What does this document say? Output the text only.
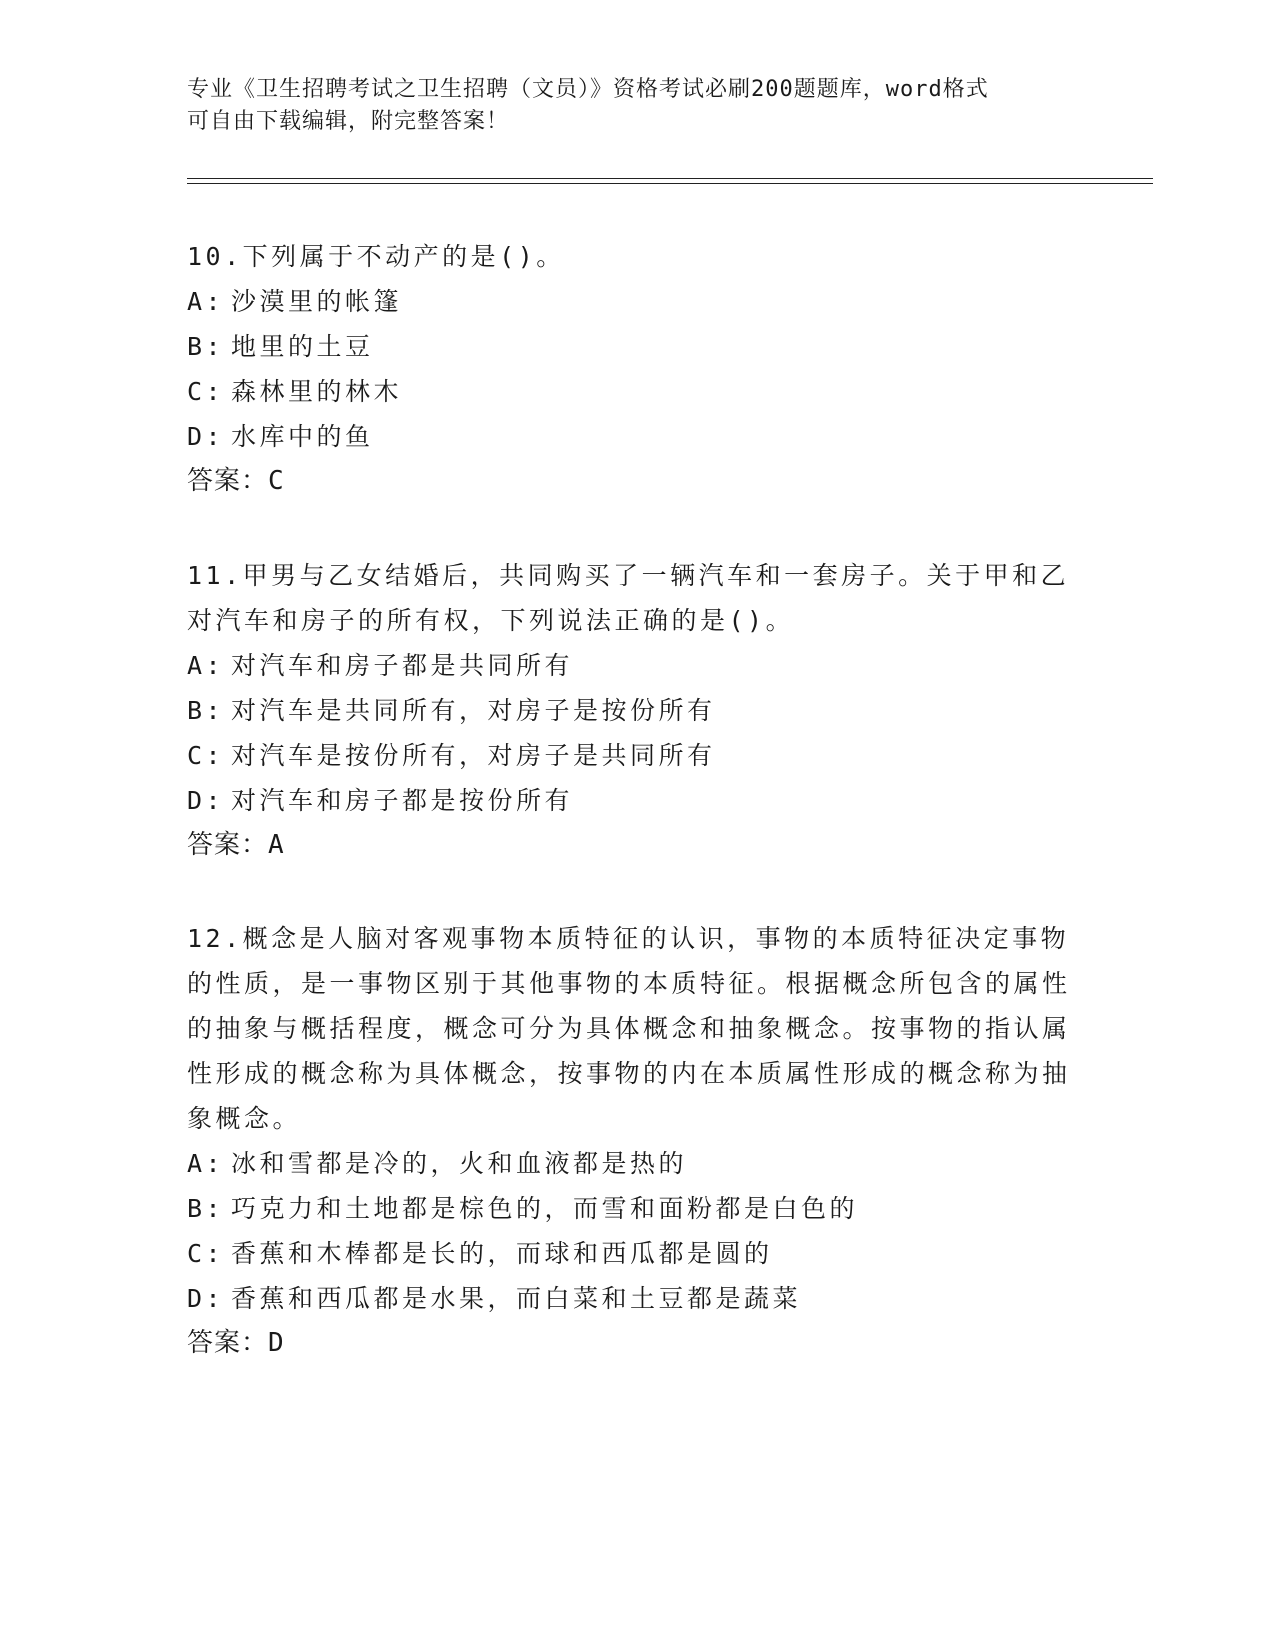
专业《卫生招聘考试之卫生招聘（文员）》资格考试必刷200题题库，word格式
可自由下载编辑，附完整答案！

10.下列属于不动产的是()。

A: 沙漠里的帐篷

B: 地里的土豆

C: 森林里的林木

D: 水库中的鱼

答案：C

11.甲男与乙女结婚后，共同购买了一辆汽车和一套房子。关于甲和乙对汽车和房子的所有权，下列说法正确的是()。

A: 对汽车和房子都是共同所有

B: 对汽车是共同所有，对房子是按份所有

C: 对汽车是按份所有，对房子是共同所有

D: 对汽车和房子都是按份所有

答案：A

12.概念是人脑对客观事物本质特征的认识，事物的本质特征决定事物的性质，是一事物区别于其他事物的本质特征。根据概念所包含的属性的抽象与概括程度，概念可分为具体概念和抽象概念。按事物的指认属性形成的概念称为具体概念，按事物的内在本质属性形成的概念称为抽象概念。

A: 冰和雪都是冷的，火和血液都是热的

B: 巧克力和土地都是棕色的，而雪和面粉都是白色的

C: 香蕉和木棒都是长的，而球和西瓜都是圆的

D: 香蕉和西瓜都是水果，而白菜和土豆都是蔬菜

答案：D
